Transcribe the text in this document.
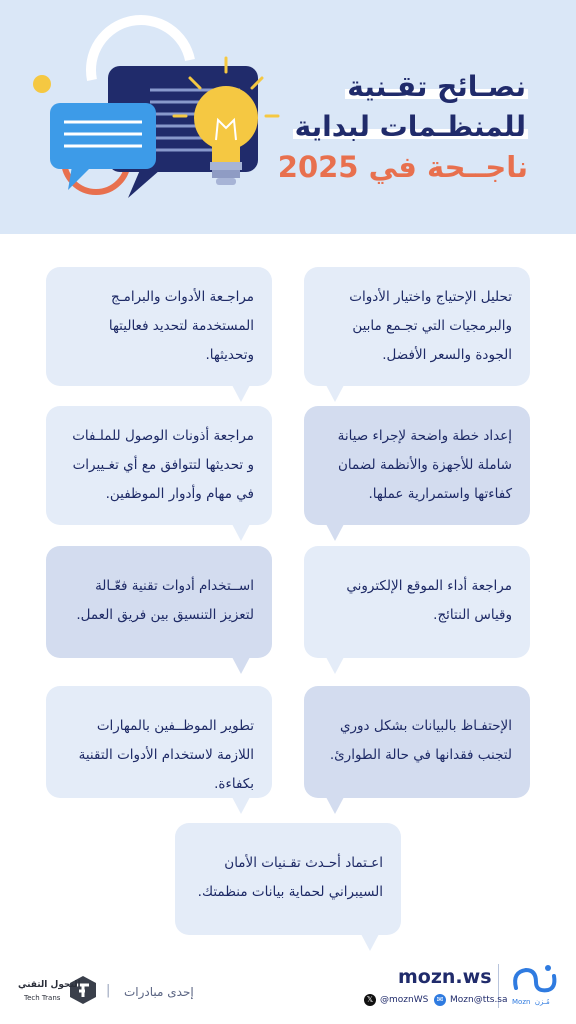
نصـائح تقـنية
للمنظـمات لبداية
ناجــحة في 2025
تحليل الإحتياج واختيار الأدوات والبرمجيات التي تجـمع مابين الجودة والسعر الأفضل.
مراجـعة الأدوات والبرامـج المستخدمة لتحديد فعاليتها وتحديثها.
إعداد خطة واضحة لإجراء صيانة شاملة للأجهزة والأنظمة لضمان كفاءتها واستمرارية عملها.
مراجعة أذونات الوصول للملـفات و تحديثها لتتوافق مع أي تغـييرات في مهام وأدوار الموظفين.
مراجعة أداء الموقع الإلكتروني وقياس النتائج.
اســتخدام أدوات تقنية فعّـالة لتعزيز التنسيق بين فريق العمل.
الإحتفـاظ بالبيانات بشكل دوري لتجنب فقدانها في حالة الطوارئ.
تطوير الموظــفين بالمهارات اللازمة لاستخدام الأدوات التقنية بكفاءة.
اعـتماد أحـدث تقـنيات الأمان السيبراني لحماية بيانات منظمتك.
Mozn مُـزن
mozn.ws
✉ Mozn@tts.sa
𝕏 @moznWS
إحدى مبادرات
|
التحول التقني
Tech Trans
